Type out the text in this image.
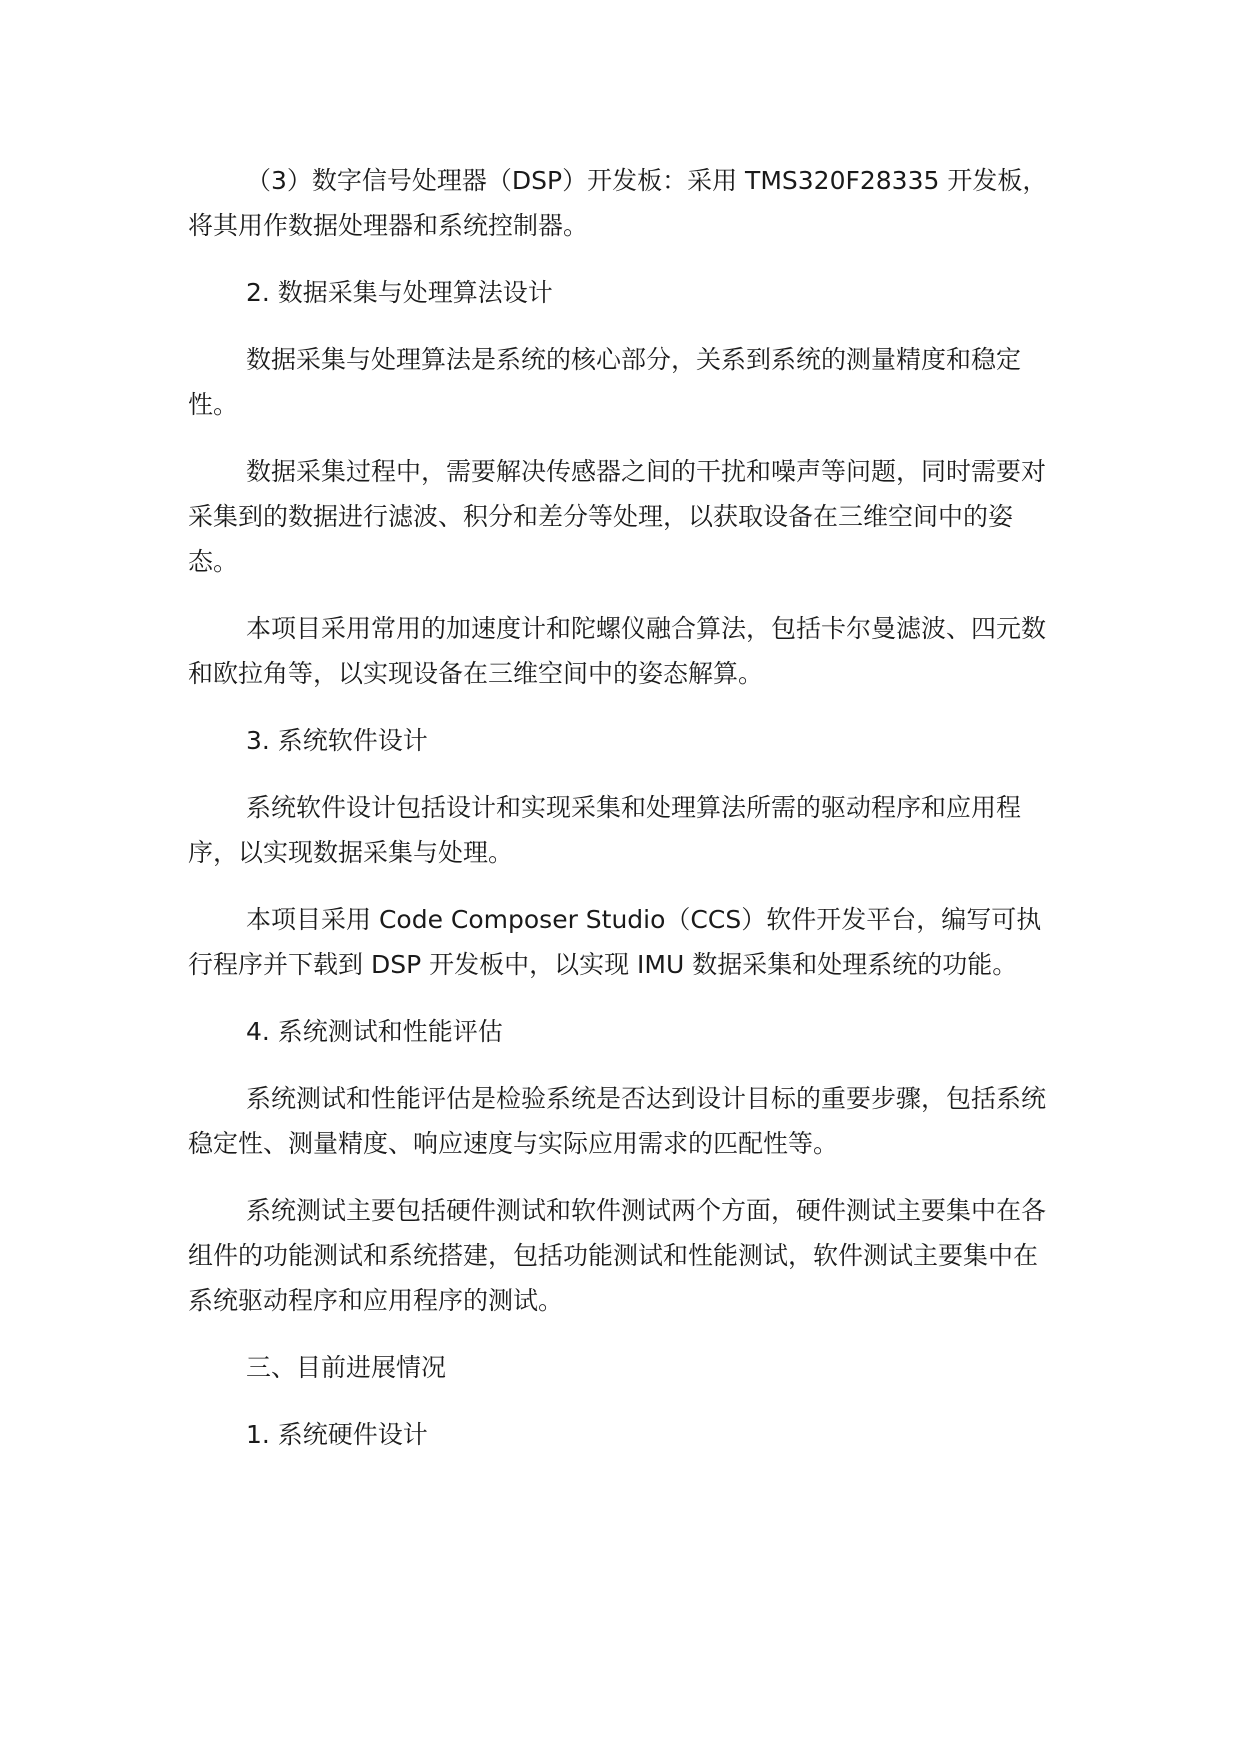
（3）数字信号处理器（DSP）开发板：采用 TMS320F28335 开发板，将其用作数据处理器和系统控制器。

2. 数据采集与处理算法设计

数据采集与处理算法是系统的核心部分，关系到系统的测量精度和稳定性。

数据采集过程中，需要解决传感器之间的干扰和噪声等问题，同时需要对采集到的数据进行滤波、积分和差分等处理，以获取设备在三维空间中的姿态。

本项目采用常用的加速度计和陀螺仪融合算法，包括卡尔曼滤波、四元数和欧拉角等，以实现设备在三维空间中的姿态解算。

3. 系统软件设计

系统软件设计包括设计和实现采集和处理算法所需的驱动程序和应用程序，以实现数据采集与处理。

本项目采用 Code Composer Studio（CCS）软件开发平台，编写可执行程序并下载到 DSP 开发板中，以实现 IMU 数据采集和处理系统的功能。

4. 系统测试和性能评估

系统测试和性能评估是检验系统是否达到设计目标的重要步骤，包括系统稳定性、测量精度、响应速度与实际应用需求的匹配性等。

系统测试主要包括硬件测试和软件测试两个方面，硬件测试主要集中在各组件的功能测试和系统搭建，包括功能测试和性能测试，软件测试主要集中在系统驱动程序和应用程序的测试。

三、目前进展情况

1. 系统硬件设计
